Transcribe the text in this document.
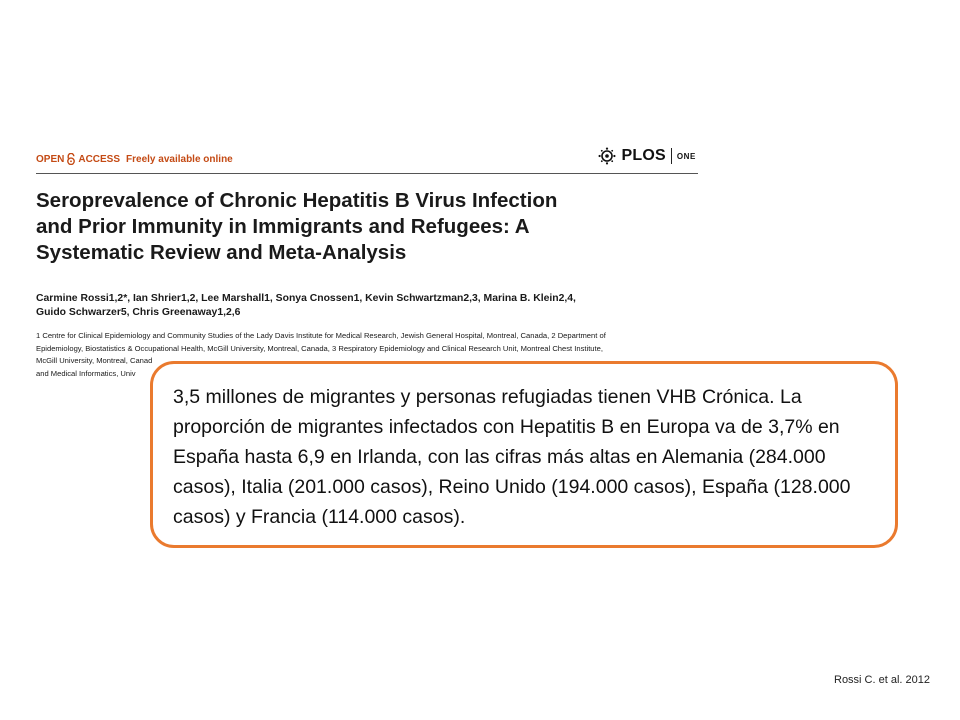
OPEN ACCESS Freely available online	PLOS ONE
Seroprevalence of Chronic Hepatitis B Virus Infection
and Prior Immunity in Immigrants and Refugees: A
Systematic Review and Meta-Analysis
Carmine Rossi1,2*, Ian Shrier1,2, Lee Marshall1, Sonya Cnossen1, Kevin Schwartzman2,3, Marina B. Klein2,4,
Guido Schwarzer5, Chris Greenaway1,2,6
1 Centre for Clinical Epidemiology and Community Studies of the Lady Davis Institute for Medical Research, Jewish General Hospital, Montreal, Canada, 2 Department of
Epidemiology, Biostatistics & Occupational Health, McGill University, Montreal, Canada, 3 Respiratory Epidemiology and Clinical Research Unit, Montreal Chest Institute,
McGill University, Montreal, Canad
and Medical Informatics, Univ
3,5 millones de migrantes y personas refugiadas tienen VHB Crónica. La proporción de migrantes infectados con Hepatitis B en Europa va de 3,7% en España hasta 6,9 en Irlanda, con las cifras más altas en Alemania (284.000 casos), Italia (201.000 casos), Reino Unido (194.000 casos), España (128.000 casos) y Francia (114.000 casos).
Rossi C. et al. 2012
